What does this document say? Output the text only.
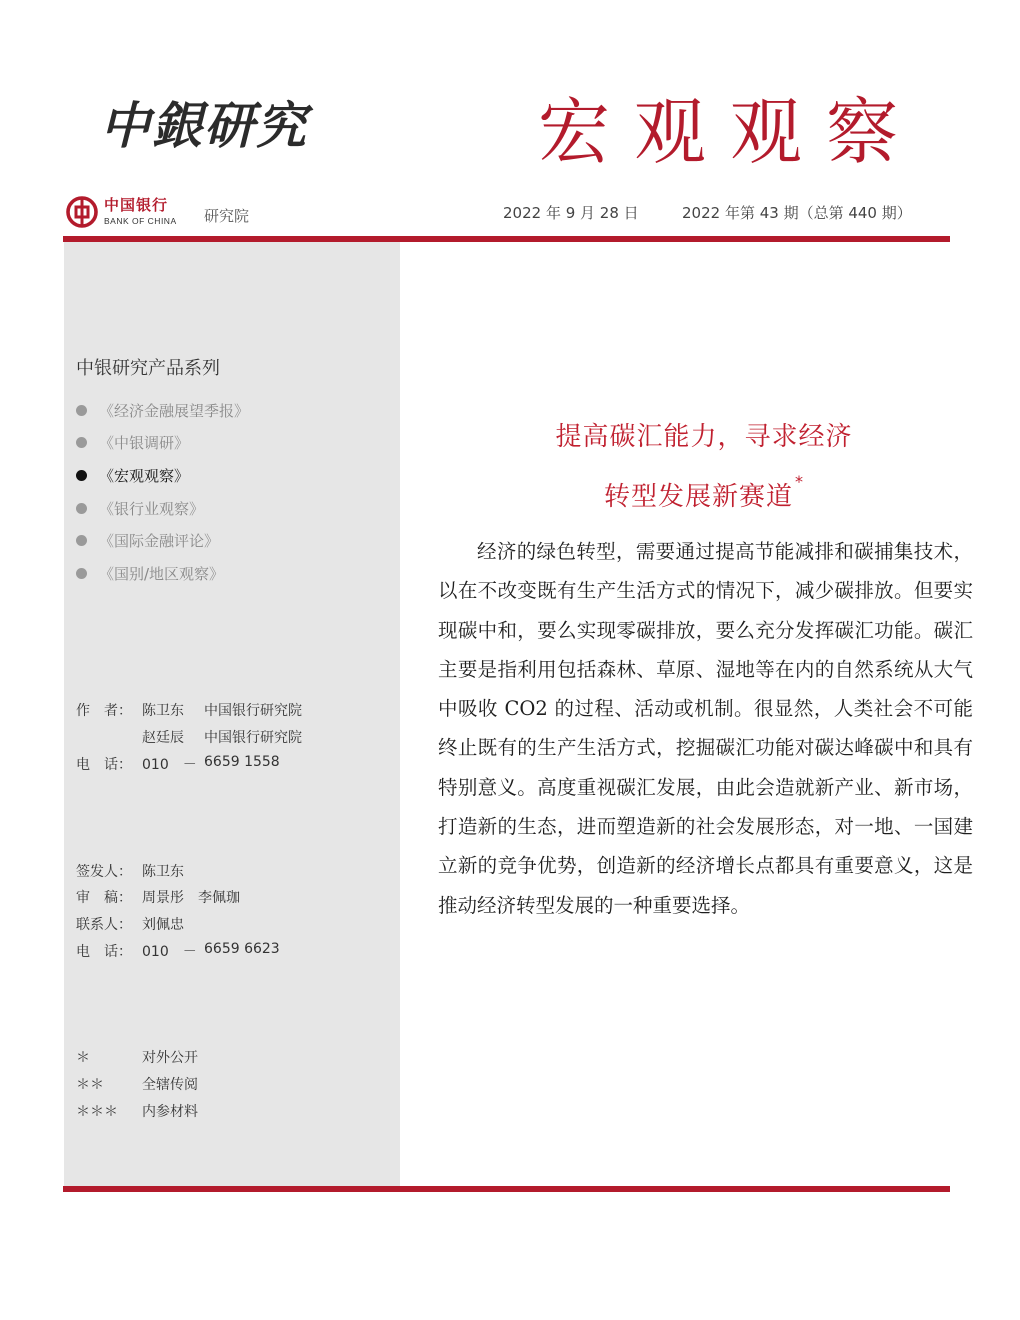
中銀研究	宏观观察
中国银行
BANK OF CHINA 研究院	2022 年 9 月 28 日	2022 年第 43 期（总第 440 期）
中银研究产品系列
《经济金融展望季报》
《中银调研》
《宏观观察》
《银行业观察》
《国际金融评论》
《国别/地区观察》
作　者： 陈卫东 中国银行研究院
赵廷辰 中国银行研究院
电　话： 010　－ 6659 1558
签发人： 陈卫东
审　稿： 周景彤　李佩珈
联系人： 刘佩忠
电　话： 010　－ 6659 6623
＊	对外公开
＊＊	全辖传阅
＊＊＊ 内参材料
提高碳汇能力，寻求经济
转型发展新赛道*

经济的绿色转型，需要通过提高节能减排和碳捕集技术，以在不改变既有生产生活方式的情况下，减少碳排放。但要实现碳中和，要么实现零碳排放，要么充分发挥碳汇功能。碳汇主要是指利用包括森林、草原、湿地等在内的自然系统从大气中吸收 CO2 的过程、活动或机制。很显然，人类社会不可能终止既有的生产生活方式，挖掘碳汇功能对碳达峰碳中和具有特别意义。高度重视碳汇发展，由此会造就新产业、新市场，打造新的生态，进而塑造新的社会发展形态，对一地、一国建立新的竞争优势，创造新的经济增长点都具有重要意义，这是推动经济转型发展的一种重要选择。
